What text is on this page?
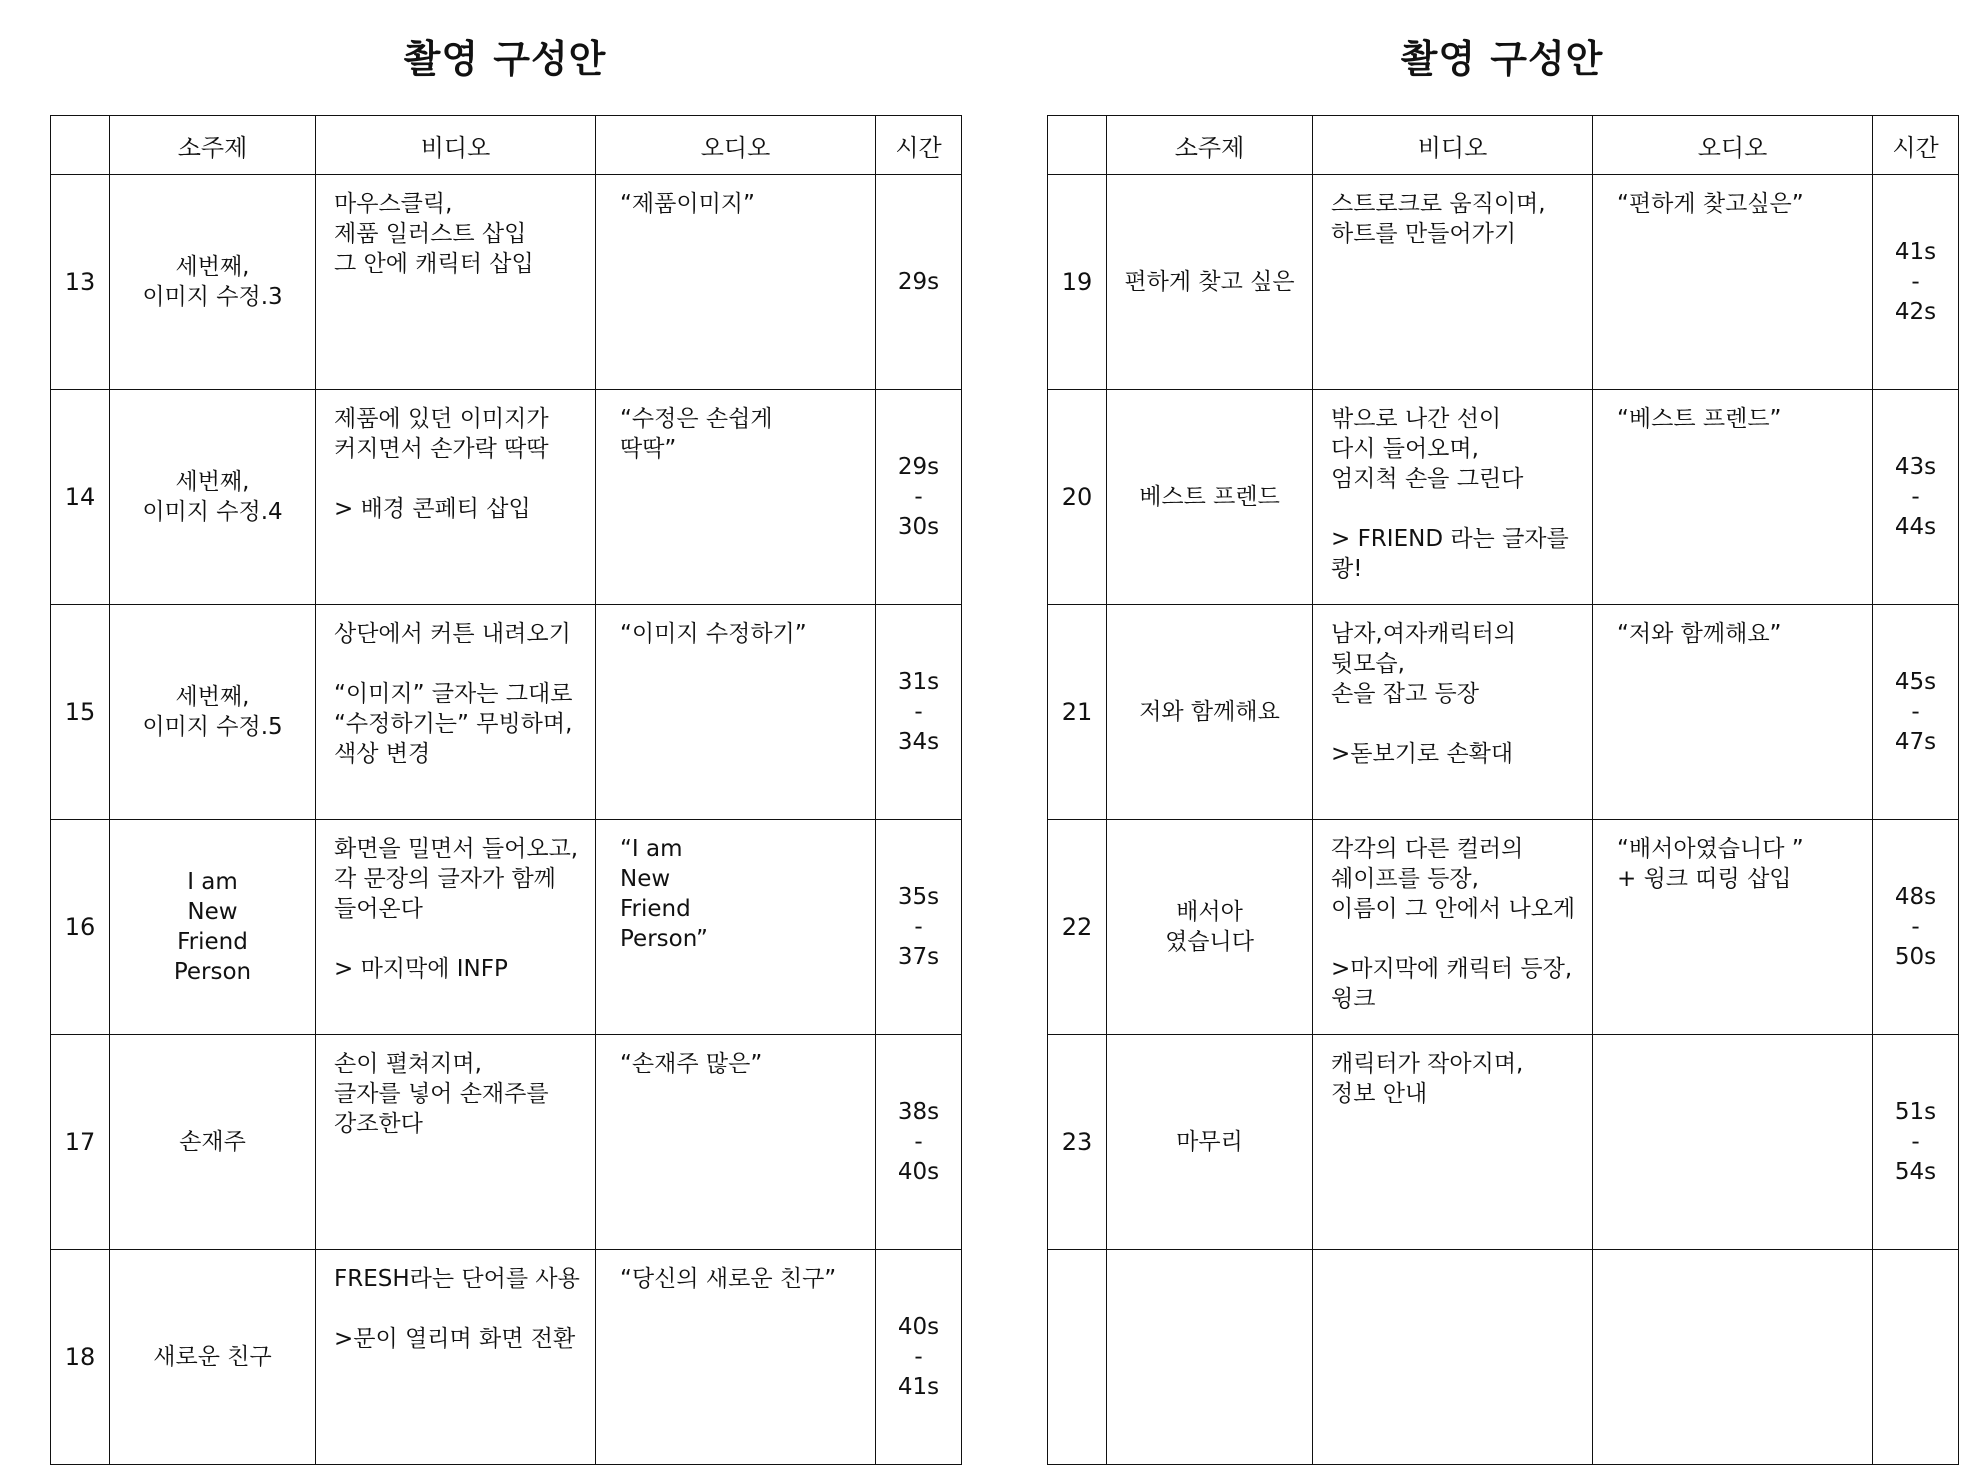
촬영 구성안
	소주제	비디오	오디오	시간
13	세번째,
이미지 수정.3	마우스클릭,
제품 일러스트 삽입
그 안에 캐릭터 삽입	“제품이미지”	29s
14	세번째,
이미지 수정.4	제품에 있던 이미지가
커지면서 손가락 딱딱

> 배경 콘페티 삽입	“수정은 손쉽게
딱딱”	29s
-
30s
15	세번째,
이미지 수정.5	상단에서 커튼 내려오기

“이미지” 글자는 그대로
“수정하기는” 무빙하며,
색상 변경	“이미지 수정하기”	31s
-
34s
16	I am
New
Friend
Person	화면을 밀면서 들어오고,
각 문장의 글자가 함께
들어온다

> 마지막에 INFP	“I am
New
Friend
Person”	35s
-
37s
17	손재주	손이 펼쳐지며,
글자를 넣어 손재주를
강조한다	“손재주 많은”	38s
-
40s
18	새로운 친구	FRESH라는 단어를 사용

>문이 열리며 화면 전환	“당신의 새로운 친구”	40s
-
41s
촬영 구성안
	소주제	비디오	오디오	시간
19	편하게 찾고 싶은	스트로크로 움직이며,
하트를 만들어가기	“편하게 찾고싶은”	41s
-
42s
20	베스트 프렌드	밖으로 나간 선이
다시 들어오며,
엄지척 손을 그린다

> FRIEND 라는 글자를
쾅!	“베스트 프렌드”	43s
-
44s
21	저와 함께해요	남자,여자캐릭터의
뒷모습,
손을 잡고 등장

>돋보기로 손확대	“저와 함께해요”	45s
-
47s
22	배서아
였습니다	각각의 다른 컬러의
쉐이프를 등장,
이름이 그 안에서 나오게

>마지막에 캐릭터 등장,
윙크	“배서아였습니다 ”
+ 윙크 띠링 삽입	48s
-
50s
23	마무리	캐릭터가 작아지며,
정보 안내		51s
-
54s
